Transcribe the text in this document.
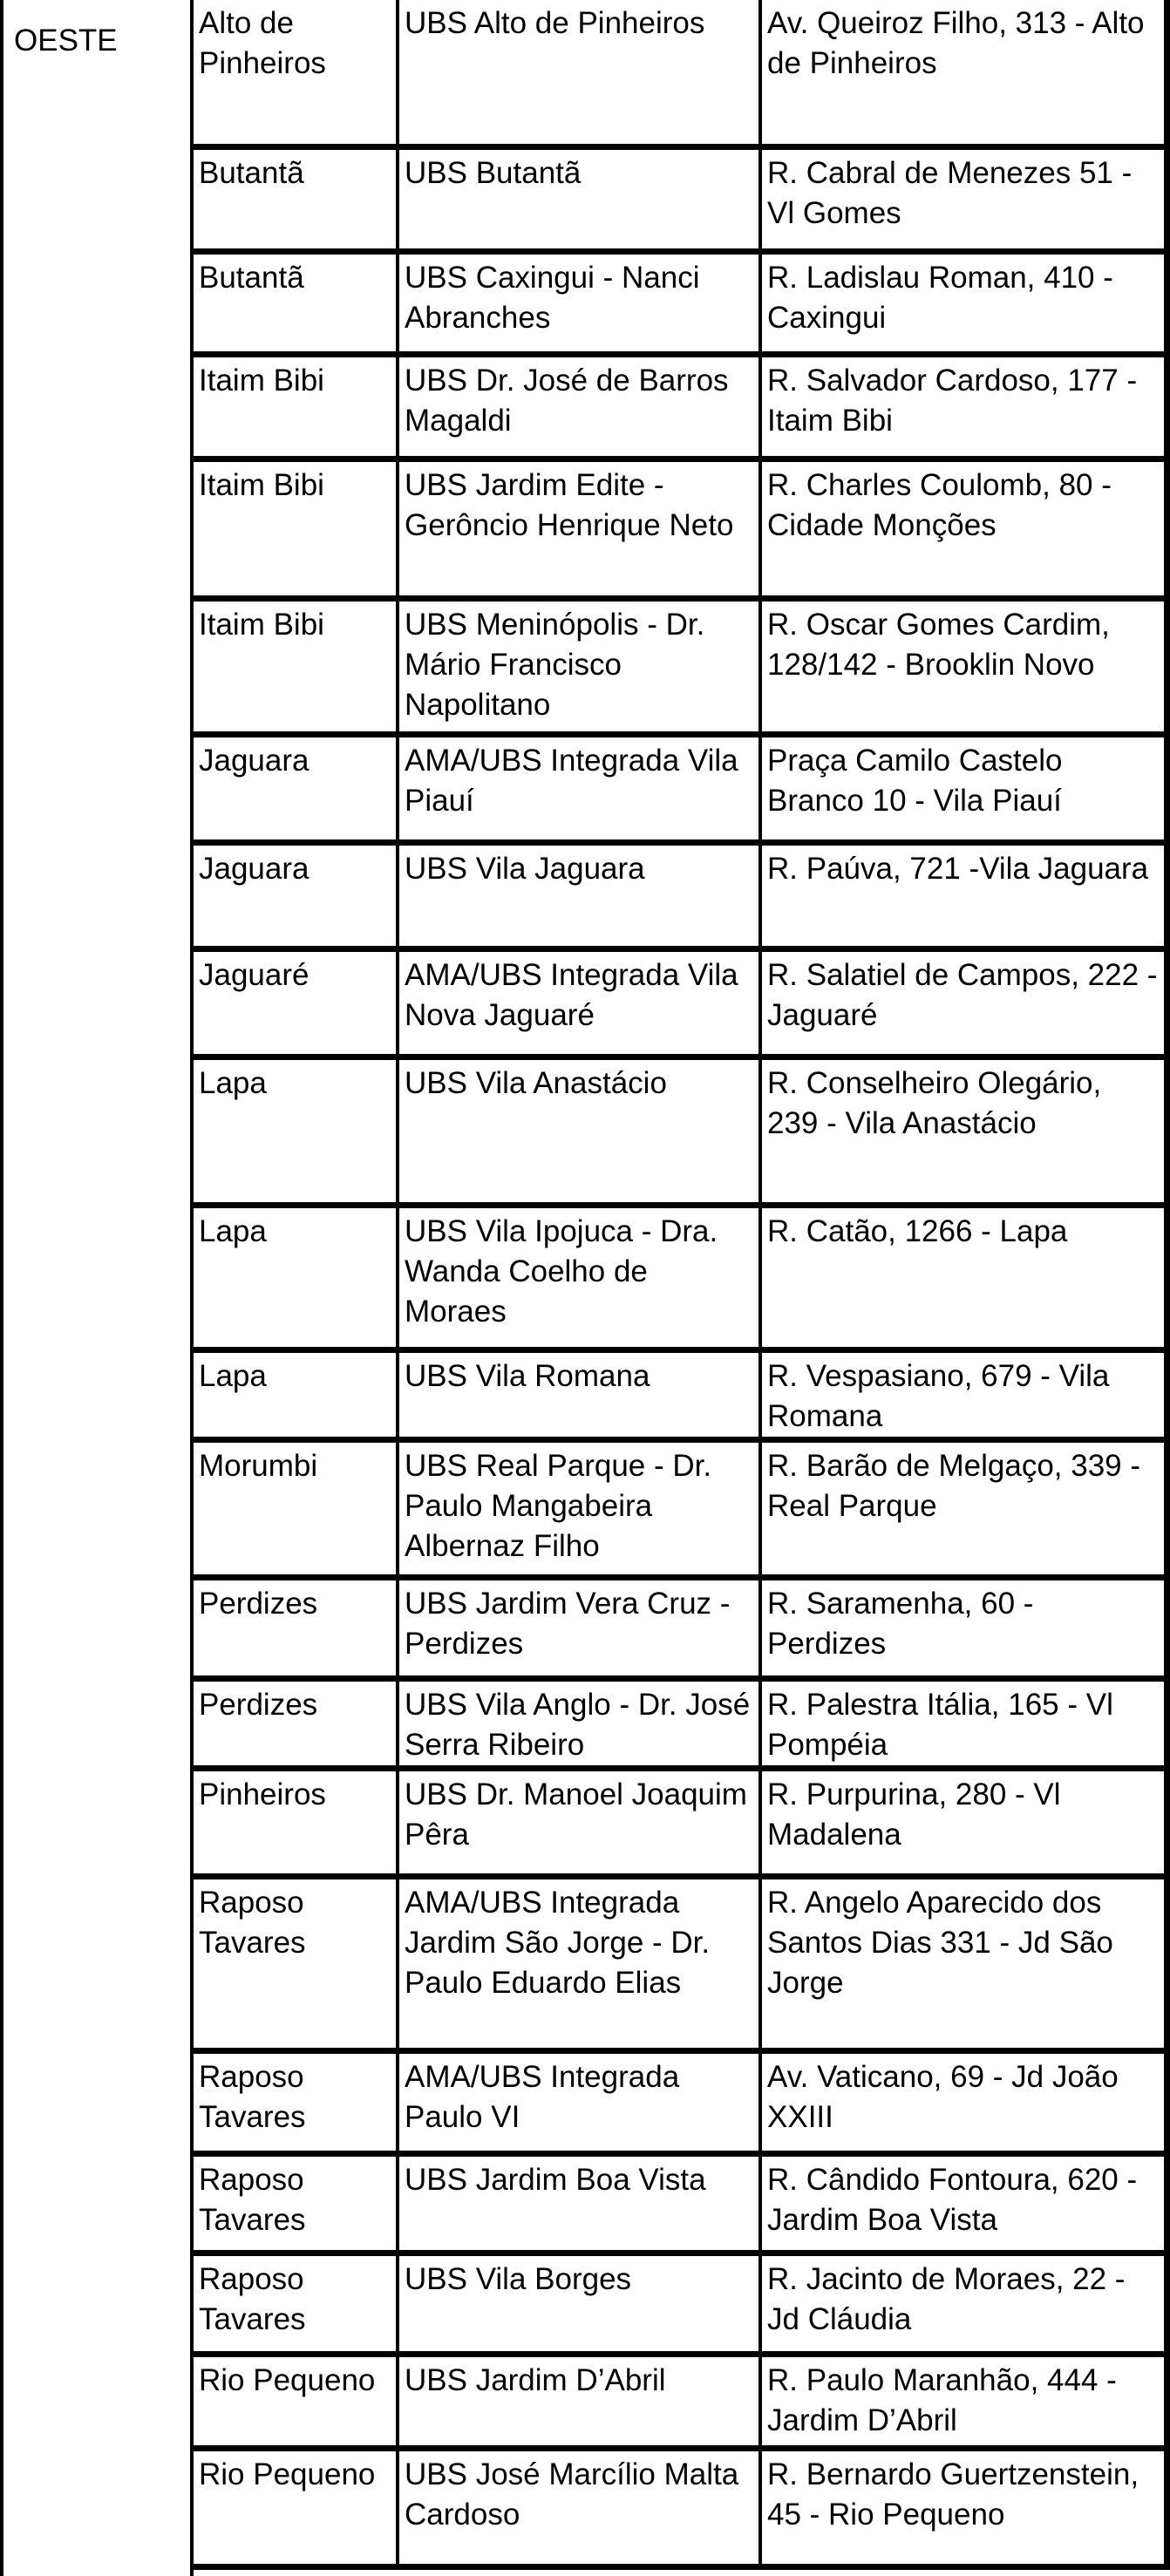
OESTE
Alto de Pinheiros	UBS Alto de Pinheiros	Av. Queiroz Filho, 313 - Alto de Pinheiros
Butantã	UBS Butantã	R. Cabral de Menezes 51 - Vl Gomes
Butantã	UBS Caxingui - Nanci Abranches	R. Ladislau Roman, 410 - Caxingui
Itaim Bibi	UBS Dr. José de Barros Magaldi	R. Salvador Cardoso, 177 - Itaim Bibi
Itaim Bibi	UBS Jardim Edite - Gerôncio Henrique Neto	R. Charles Coulomb, 80 - Cidade Monções
Itaim Bibi	UBS Meninópolis - Dr. Mário Francisco Napolitano	R. Oscar Gomes Cardim, 128/142 - Brooklin Novo
Jaguara	AMA/UBS Integrada Vila Piauí	Praça Camilo Castelo Branco 10 - Vila Piauí
Jaguara	UBS Vila Jaguara	R. Paúva, 721 -Vila Jaguara
Jaguaré	AMA/UBS Integrada Vila Nova Jaguaré	R. Salatiel de Campos, 222 - Jaguaré
Lapa	UBS Vila Anastácio	R. Conselheiro Olegário, 239 - Vila Anastácio
Lapa	UBS Vila Ipojuca - Dra. Wanda Coelho de Moraes	R. Catão, 1266 - Lapa
Lapa	UBS Vila Romana	R. Vespasiano, 679 - Vila Romana
Morumbi	UBS Real Parque - Dr. Paulo Mangabeira Albernaz Filho	R. Barão de Melgaço, 339 - Real Parque
Perdizes	UBS Jardim Vera Cruz - Perdizes	R. Saramenha, 60 - Perdizes
Perdizes	UBS Vila Anglo - Dr. José Serra Ribeiro	R. Palestra Itália, 165 - Vl Pompéia
Pinheiros	UBS Dr. Manoel Joaquim Pêra	R. Purpurina, 280 - Vl Madalena
Raposo Tavares	AMA/UBS Integrada Jardim São Jorge - Dr. Paulo Eduardo Elias	R. Angelo Aparecido dos Santos Dias 331 - Jd São Jorge
Raposo Tavares	AMA/UBS Integrada Paulo VI	Av. Vaticano, 69 - Jd João XXIII
Raposo Tavares	UBS Jardim Boa Vista	R. Cândido Fontoura, 620 - Jardim Boa Vista
Raposo Tavares	UBS Vila Borges	R. Jacinto de Moraes, 22 - Jd Cláudia
Rio Pequeno	UBS Jardim D’Abril	R. Paulo Maranhão, 444 - Jardim D’Abril
Rio Pequeno	UBS José Marcílio Malta Cardoso	R. Bernardo Guertzenstein, 45 - Rio Pequeno
